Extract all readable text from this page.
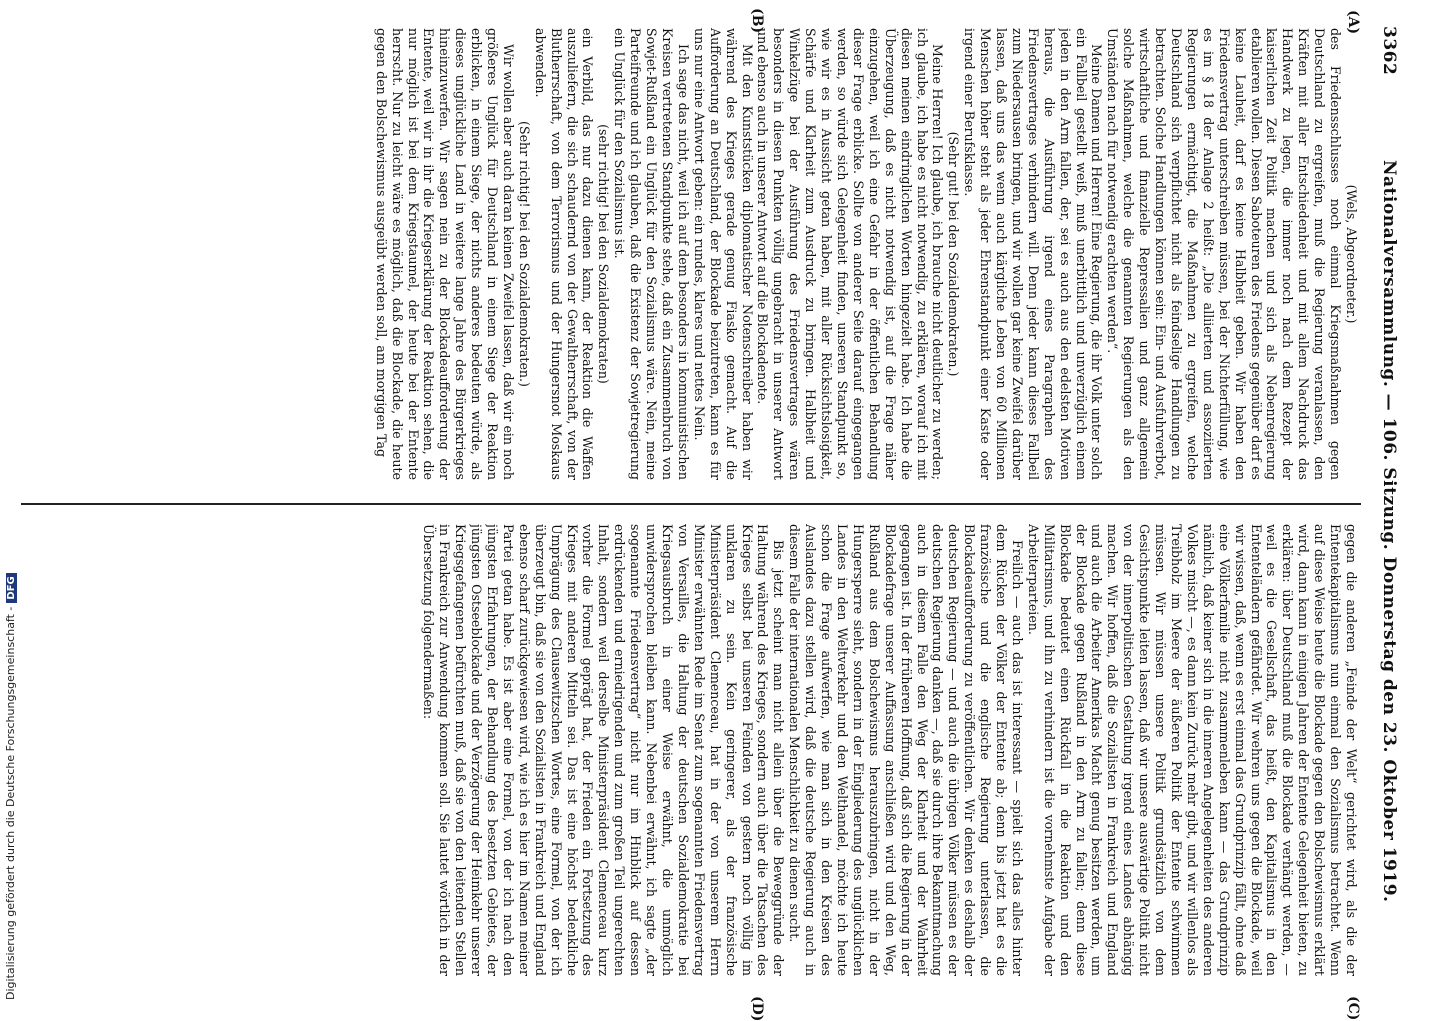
3362
Nationalversammlung. — 106. Sitzung. Donnerstag den 23. Oktober 1919.
(A)
(B)
(C)
(D)

(Wels, Abgeordneter.)

des Friedensschlusses noch einmal Kriegsmaßnahmen gegen Deutschland zu ergreifen, muß die Regierung veranlassen, den Kräften mit aller Entschiedenheit und mit allem Nachdruck das Handwerk zu legen, die immer noch nach dem Rezept der kaiserlichen Zeit Politik machen und sich als Nebenregierung etablieren wollen. Diesen Saboteuren des Friedens gegenüber darf es keine Lauheit, darf es keine Halbheit geben. Wir haben den Friedensvertrag unterschreiben müssen, bei der Nichterfüllung, wie es im § 18 der Anlage 2 heißt: „Die alliierten und assoziierten Regierungen ermächtigt, die Maßnahmen zu ergreifen, welche Deutschland sich verpflichtet nicht als feindselige Handlungen zu betrachten. Solche Handlungen können sein: Ein- und Ausfuhrverbot, wirtschaftliche und finanzielle Repressalien und ganz allgemein solche Maßnahmen, welche die genannten Regierungen als den Umständen nach für notwendig erachten werden“.

Meine Damen und Herren! Eine Regierung, die ihr Volk unter solch ein Fallbeil gestellt weiß, muß unerbittlich und unverzüglich einem jeden in den Arm fallen, der, sei es auch aus den edelsten Motiven heraus, die Ausführung irgend eines Paragraphen des Friedensvertrages verhindern will. Denn jeder kann dieses Fallbeil zum Niedersausen bringen, und wir wollen gar keine Zweifel darüber lassen, daß uns das wenn auch kärgliche Leben von 60 Millionen Menschen höher steht als jeder Ehrenstandpunkt einer Kaste oder irgend einer Berufsklasse.

(Sehr gut! bei den Sozialdemokraten.)

Meine Herren! Ich glaube, ich brauche nicht deutlicher zu werden; ich glaube, ich habe es nicht notwendig, zu erklären, worauf ich mit diesen meinen eindringlichen Worten hingezielt habe. Ich habe die Überzeugung, daß es nicht notwendig ist, auf die Frage näher einzugehen, weil ich eine Gefahr in der öffentlichen Behandlung dieser Frage erblicke. Sollte von anderer Seite darauf eingegangen werden, so würde sich Gelegenheit finden, unseren Standpunkt so, wie wir es in Aussicht getan haben, mit aller Rücksichtslosigkeit, Schärfe und Klarheit zum Ausdruck zu bringen. Halbheit und Winkelzüge bei der Ausführung des Friedensvertrages wären besonders in diesen Punkten völlig ungebracht in unserer Antwort und ebenso auch in unserer Antwort auf die Blockadenote.

Mit den Kunststücken diplomatischer Notenschreiber haben wir während des Krieges gerade genug Fiasko gemacht. Auf die Aufforderung an Deutschland, der Blockade beizutreten, kann es für uns nur eine Antwort geben: ein rundes, klares und nettes Nein.

Ich sage das nicht, weil ich auf dem besonders in kommunistischen Kreisen vertretenen Standpunkte stehe, daß ein Zusammenbruch von Sowjet-Rußland ein Unglück für den Sozialismus wäre. Nein, meine Parteifreunde und ich glauben, daß die Existenz der Sowjetregierung ein Unglück für den Sozialismus ist.

(sehr richtig! bei den Sozialdemokraten)

ein Verbild, das nur dazu dienen kann, der Reaktion die Waffen auszuliefern, die sich schaudernd von der Gewaltherrschaft, von der Blutherrschaft, von dem Terrorismus und der Hungersnot Moskaus abwenden.

(Sehr richtig! bei den Sozialdemokraten.)

Wir wollen aber auch daran keinen Zweifel lassen, daß wir ein noch größeres Unglück für Deutschland in einem Siege der Reaktion erblicken, in einem Siege, der nichts anderes bedeuten würde, als dieses unglückliche Land in weitere lange Jahre des Bürgerkrieges hineinzuwerfen. Wir sagen nein zu der Blockadeaufforderung der Entente, weil wir in ihr die Kriegserklärung der Reaktion sehen, die nur möglich ist bei dem Kriegstaumel, der heute bei der Entente herrscht. Nur zu leicht wäre es möglich, daß die Blockade, die heute gegen den Bolschewismus ausgeübt werden soll, am morgigen Tag

gegen die anderen „Feinde der Welt“ gerichtet wird, als die der Ententekapitalismus nun einmal den Sozialismus betrachtet. Wenn auf diese Weise heute die Blockade gegen den Bolschewismus erklärt wird, dann kann in einigen Jahren der Entente Gelegenheit bieten, zu erklären: über Deutschland muß die Blockade verhängt werden, — weil es die Gesellschaft, das heißt, den Kapitalismus in den Ententeländern gefährdet. Wir wehren uns gegen die Blockade, weil wir wissen, daß, wenn es erst einmal das Grundprinzip fällt, ohne daß eine Völkerfamilie nicht zusammenleben kann — das Grundprinzip nämlich, daß keiner sich in die inneren Angelegenheiten des anderen Volkes mischt —, es dann kein Zurück mehr gibt, und wir willenlos als Treibholz im Meere der äußeren Politik der Entente schwimmen müssen. Wir müssen unsere Politik grundsätzlich von dem Gesichtspunkte leiten lassen, daß wir unsere auswärtige Politik nicht von der innerpolitischen Gestaltung irgend eines Landes abhängig machen. Wir hoffen, daß die Sozialisten in Frankreich und England und auch die Arbeiter Amerikas Macht genug besitzen werden, um der Blockade gegen Rußland in den Arm zu fallen; denn diese Blockade bedeutet einen Rückfall in die Reaktion und den Militarismus, und ihn zu verhindern ist die vornehmste Aufgabe der Arbeiterparteien.

Freilich — auch das ist interessant — spielt sich das alles hinter dem Rücken der Völker der Entente ab; denn bis jetzt hat es die französische und die englische Regierung unterlassen, die Blockadeaufforderung zu veröffentlichen. Wir denken es deshalb der deutschen Regierung — und auch die übrigen Völker müssen es der deutschen Regierung danken —, daß sie durch ihre Bekanntmachung auch in diesem Falle den Weg der Klarheit und der Wahrheit gegangen ist. In der früheren Hoffnung, daß sich die Regierung in der Blockadefrage unserer Auffassung anschließen wird und den Weg, Rußland aus dem Bolschewismus herauszubringen, nicht in der Hungersperre sieht, sondern in der Eingliederung des unglücklichen Landes in den Weltverkehr und den Welthandel, möchte ich heute schon die Frage aufwerfen, wie man sich in den Kreisen des Auslandes dazu stellen wird, daß die deutsche Regierung auch in diesem Falle der internationalen Menschlichkeit zu dienen sucht.

Bis jetzt scheint man nicht allein über die Beweggründe der Haltung während des Krieges, sondern auch über die Tatsachen des Krieges selbst bei unseren Feinden von gestern noch völlig im unklaren zu sein. Kein geringerer, als der französische Ministerpräsident Clemenceau, hat in der von unserem Herrn Minister erwähnten Rede im Senat zum sogenannten Friedensvertrag von Versailles, die Haltung der deutschen Sozialdemokratie bei Kriegsausbruch in einer Weise erwähnt, die unmöglich unwidersprochen bleiben kann. Nebenbei erwähnt, ich sagte „der sogenannte Friedensvertrag“ nicht nur im Hinblick auf dessen erdrückenden und erniedrigenden und zum großen Teil ungerechten Inhalt, sondern weil derselbe Ministerpräsident Clemenceau kurz vorher die Formel geprägt hat, der Frieden ein Fortsetzung des Krieges mit anderen Mitteln sei. Das ist eine höchst bedenkliche Umprägung des Clausewitzschen Wortes, eine Formel, von der ich überzeugt bin, daß sie von den Sozialisten in Frankreich und England ebenso scharf zurückgewiesen wird, wie ich es hier im Namen meiner Partei getan habe. Es ist aber eine Formel, von der ich nach den jüngsten Erfahrungen, der Behandlung des besetzten Gebietes, der jüngsten Ostseeblockade und der Verzögerung der Heimkehr unserer Kriegsgefangenen befürchten muß, daß sie von den leitenden Stellen in Frankreich zur Anwendung kommen soll. Sie lautet wörtlich in der Übersetzung folgendermaßen:

Digitalisierung gefördert durch die Deutsche Forschungsgemeinschaft -DFG
